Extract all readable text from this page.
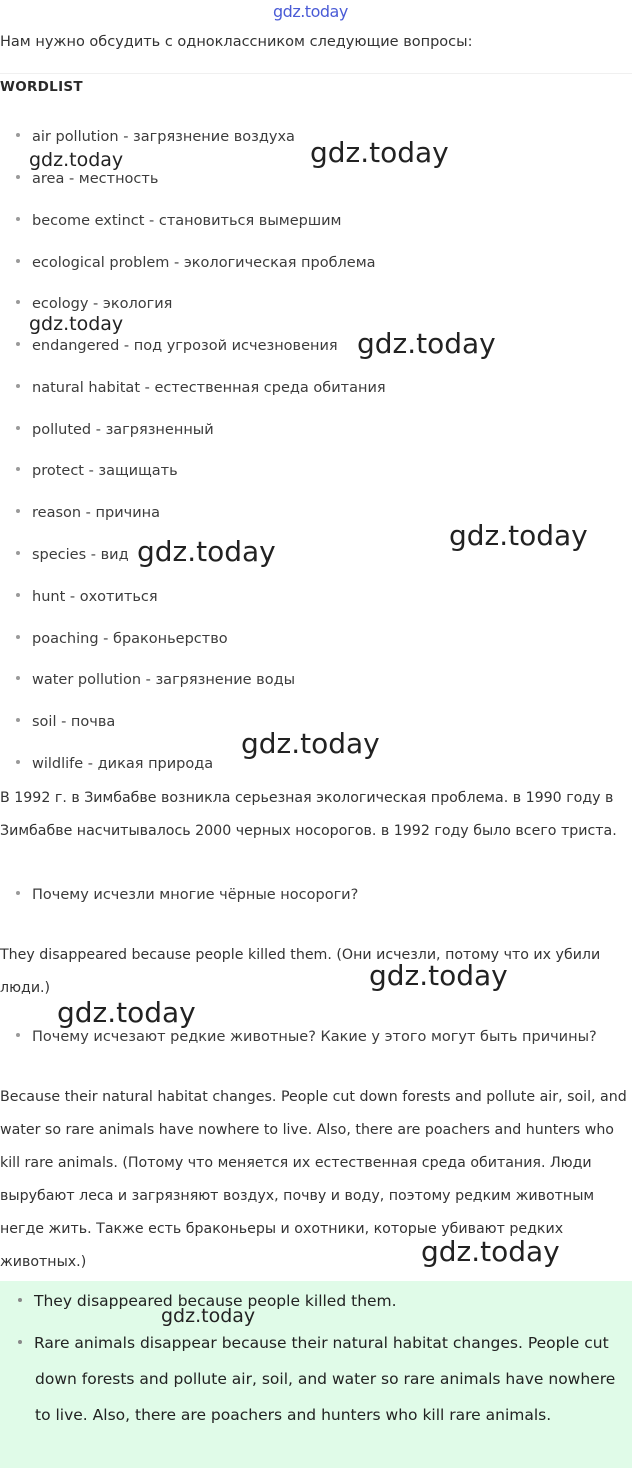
gdz.today
Нам нужно обсудить с одноклассником следующие вопросы:
WORDLIST
air pollution - загрязнение воздуха
area - местность
become extinct - становиться вымершим
ecological problem - экологическая проблема
ecology - экология
endangered - под угрозой исчезновения
natural habitat - естественная среда обитания
polluted - загрязненный
protect - защищать
reason - причина
species - вид
hunt - охотиться
poaching - браконьерство
water pollution - загрязнение воды
soil - почва
wildlife - дикая природа
В 1992 г. в Зимбабве возникла серьезная экологическая проблема. в 1990 году в Зимбабве насчитывалось 2000 черных носорогов. в 1992 году было всего триста.
Почему исчезли многие чёрные носороги?
They disappeared because people killed them. (Они исчезли, потому что их убили люди.)
Почему исчезают редкие животные? Какие у этого могут быть причины?
Because their natural habitat changes. People cut down forests and pollute air, soil, and water so rare animals have nowhere to live. Also, there are poachers and hunters who kill rare animals. (Потому что меняется их естественная среда обитания. Люди вырубают леса и загрязняют воздух, почву и воду, поэтому редким животным негде жить. Также есть браконьеры и охотники, которые убивают редких животных.)
They disappeared because people killed them.
Rare animals disappear because their natural habitat changes. People cut down forests and pollute air, soil, and water so rare animals have nowhere to live. Also, there are poachers and hunters who kill rare animals.
gdz.today	gdz.today
gdz.today
gdz.today
gdz.today
gdz.today
gdz.today
gdz.today
gdz.today
gdz.today
gdz.today
